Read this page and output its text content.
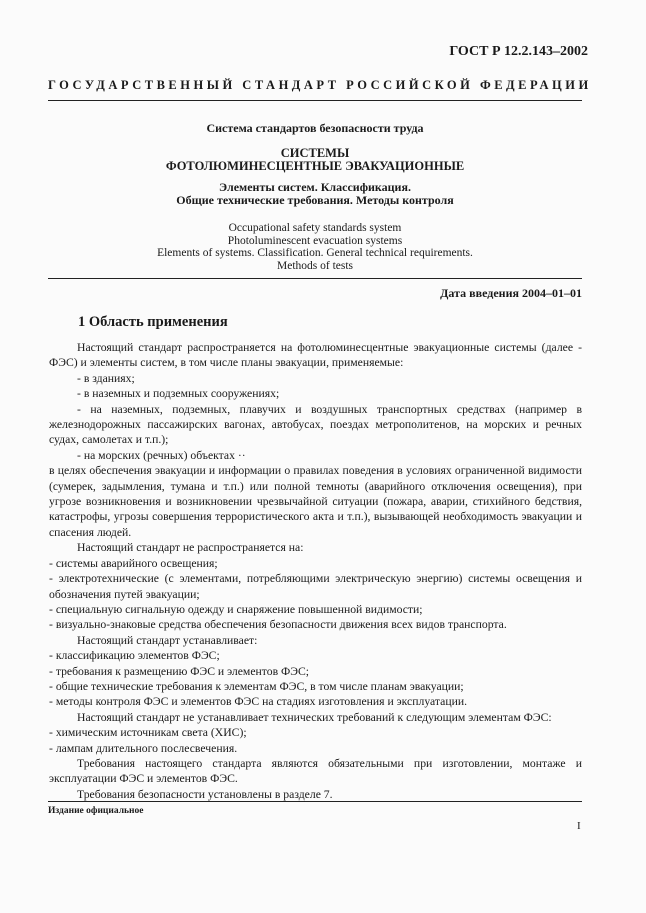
ГОСТ Р 12.2.143–2002
ГОСУДАРСТВЕННЫЙ СТАНДАРТ РОССИЙСКОЙ ФЕДЕРАЦИИ
Система стандартов безопасности труда
СИСТЕМЫ
ФОТОЛЮМИНЕСЦЕНТНЫЕ ЭВАКУАЦИОННЫЕ
Элементы систем. Классификация.
Общие технические требования. Методы контроля
Occupational safety standards system
Photoluminescent evacuation systems
Elements of systems. Classification. General technical requirements.
Methods of tests
Дата введения 2004–01–01
1 Область применения

Настоящий стандарт распространяется на фотолюминесцентные эвакуационные системы (далее - ФЭС) и элементы систем, в том числе планы эвакуации, применяемые:

- в зданиях;

- в наземных и подземных сооружениях;

- на наземных, подземных, плавучих и воздушных транспортных средствах (например в железнодорожных пассажирских вагонах, автобусах, поездах метрополитенов, на морских и речных судах, самолетах и т.п.);

- на морских (речных) объектах ··

в целях обеспечения эвакуации и информации о правилах поведения в условиях ограниченной видимости (сумерек, задымления, тумана и т.п.) или полной темноты (аварийного отключения освещения), при угрозе возникновения и возникновении чрезвычайной ситуации (пожара, аварии, стихийного бедствия, катастрофы, угрозы совершения террористического акта и т.п.), вызывающей необходимость эвакуации и спасения людей.

Настоящий стандарт не распространяется на:

- системы аварийного освещения;

- электротехнические (с элементами, потребляющими электрическую энергию) системы освещения и обозначения путей эвакуации;

- специальную сигнальную одежду и снаряжение повышенной видимости;

- визуально-знаковые средства обеспечения безопасности движения всех видов транспорта.

Настоящий стандарт устанавливает:

- классификацию элементов ФЭС;

- требования к размещению ФЭС и элементов ФЭС;

- общие технические требования к элементам ФЭС, в том числе планам эвакуации;

- методы контроля ФЭС и элементов ФЭС на стадиях изготовления и эксплуатации.

Настоящий стандарт не устанавливает технических требований к следующим элементам ФЭС:

- химическим источникам света (ХИС);

- лампам длительного послесвечения.

Требования настоящего стандарта являются обязательными при изготовлении, монтаже и эксплуатации ФЭС и элементов ФЭС.

Требования безопасности установлены в разделе 7.

Издание официальное
I
